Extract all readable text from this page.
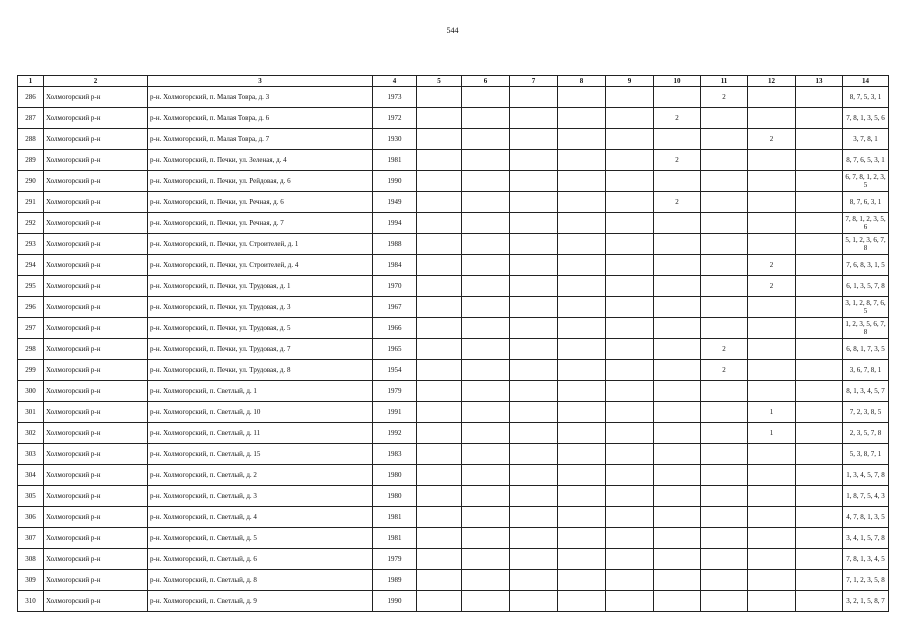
544
1	2	3	4	5	6	7	8	9	10	11	12	13	14
286	Холмогорский р-н	р-н. Холмогорский, п. Малая Товра, д. 3	1973							2			8, 7, 5, 3, 1
287	Холмогорский р-н	р-н. Холмогорский, п. Малая Товра, д. 6	1972						2				7, 8, 1, 3, 5, 6
288	Холмогорский р-н	р-н. Холмогорский, п. Малая Товра, д. 7	1930								2		3, 7, 8, 1
289	Холмогорский р-н	р-н. Холмогорский, п. Печки, ул. Зеленая, д. 4	1981						2				8, 7, 6, 5, 3, 1
290	Холмогорский р-н	р-н. Холмогорский, п. Печки, ул. Рейдовая, д. 6	1990										6, 7, 8, 1, 2, 3, 5
291	Холмогорский р-н	р-н. Холмогорский, п. Печки, ул. Речная, д. 6	1949						2				8, 7, 6, 3, 1
292	Холмогорский р-н	р-н. Холмогорский, п. Печки, ул. Речная, д. 7	1994										7, 8, 1, 2, 3, 5, 6
293	Холмогорский р-н	р-н. Холмогорский, п. Печки, ул. Строителей, д. 1	1988										5, 1, 2, 3, 6, 7, 8
294	Холмогорский р-н	р-н. Холмогорский, п. Печки, ул. Строителей, д. 4	1984								2		7, 6, 8, 3, 1, 5
295	Холмогорский р-н	р-н. Холмогорский, п. Печки, ул. Трудовая, д. 1	1970								2		6, 1, 3, 5, 7, 8
296	Холмогорский р-н	р-н. Холмогорский, п. Печки, ул. Трудовая, д. 3	1967										3, 1, 2, 8, 7, 6, 5
297	Холмогорский р-н	р-н. Холмогорский, п. Печки, ул. Трудовая, д. 5	1966										1, 2, 3, 5, 6, 7, 8
298	Холмогорский р-н	р-н. Холмогорский, п. Печки, ул. Трудовая, д. 7	1965							2			6, 8, 1, 7, 3, 5
299	Холмогорский р-н	р-н. Холмогорский, п. Печки, ул. Трудовая, д. 8	1954							2			3, 6, 7, 8, 1
300	Холмогорский р-н	р-н. Холмогорский, п. Светлый, д. 1	1979										8, 1, 3, 4, 5, 7
301	Холмогорский р-н	р-н. Холмогорский, п. Светлый, д. 10	1991								1		7, 2, 3, 8, 5
302	Холмогорский р-н	р-н. Холмогорский, п. Светлый, д. 11	1992								1		2, 3, 5, 7, 8
303	Холмогорский р-н	р-н. Холмогорский, п. Светлый, д. 15	1983										5, 3, 8, 7, 1
304	Холмогорский р-н	р-н. Холмогорский, п. Светлый, д. 2	1980										1, 3, 4, 5, 7, 8
305	Холмогорский р-н	р-н. Холмогорский, п. Светлый, д. 3	1980										1, 8, 7, 5, 4, 3
306	Холмогорский р-н	р-н. Холмогорский, п. Светлый, д. 4	1981										4, 7, 8, 1, 3, 5
307	Холмогорский р-н	р-н. Холмогорский, п. Светлый, д. 5	1981										3, 4, 1, 5, 7, 8
308	Холмогорский р-н	р-н. Холмогорский, п. Светлый, д. 6	1979										7, 8, 1, 3, 4, 5
309	Холмогорский р-н	р-н. Холмогорский, п. Светлый, д. 8	1989										7, 1, 2, 3, 5, 8
310	Холмогорский р-н	р-н. Холмогорский, п. Светлый, д. 9	1990										3, 2, 1, 5, 8, 7
